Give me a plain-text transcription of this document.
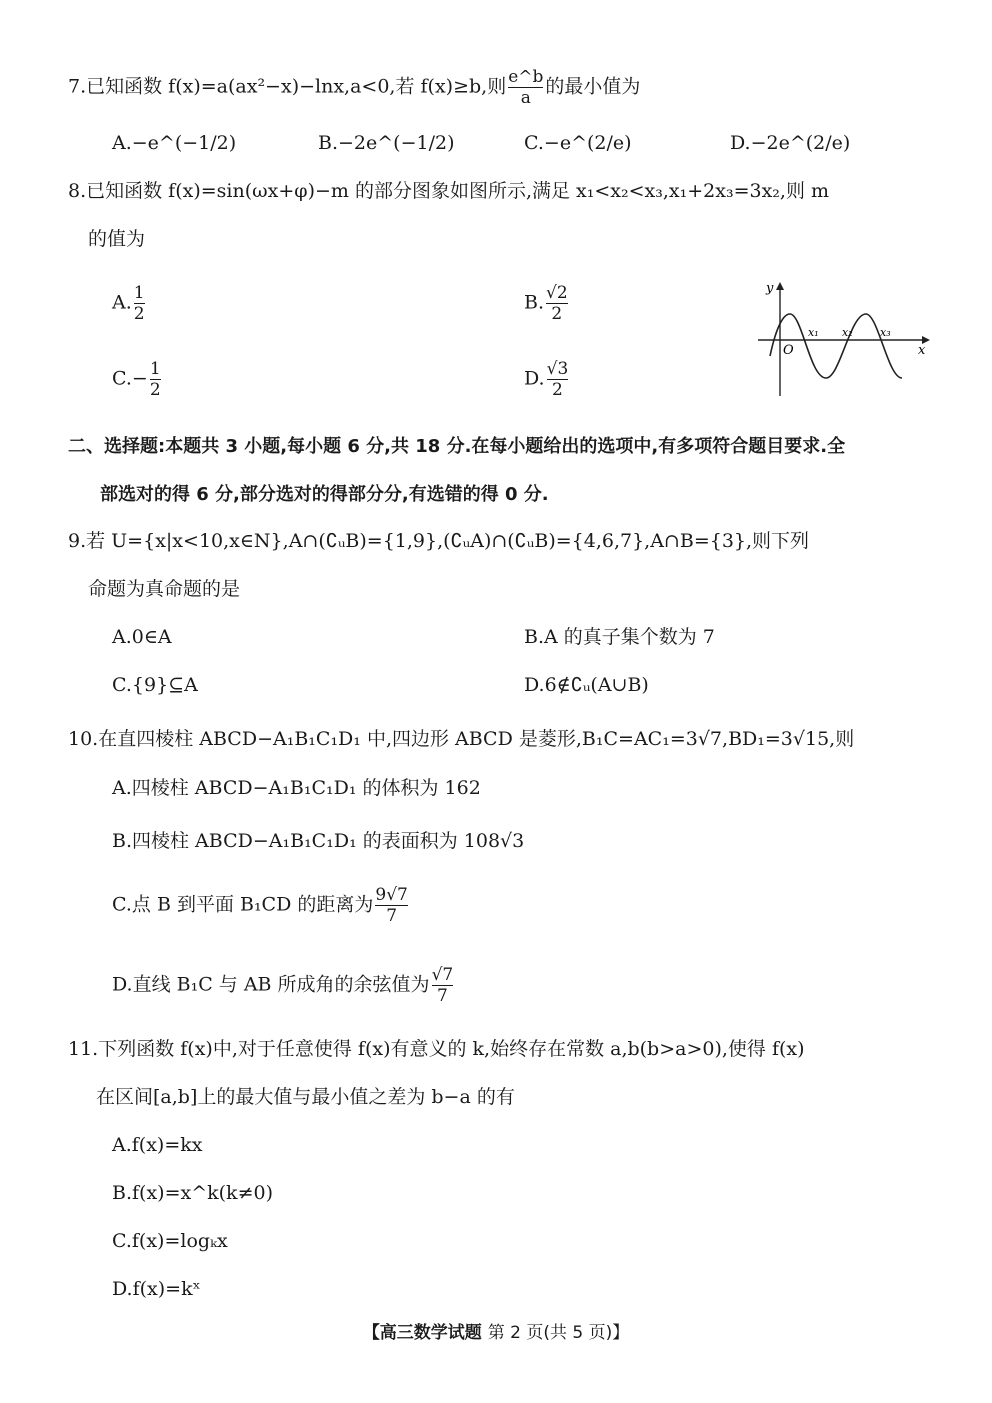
7.已知函数 f(x)=a(ax²−x)−lnx,a<0,若 f(x)≥b,则 $\frac{e\^{}b}{a}$ 的最小值为
A.−e^(−1/2)	B.−2e^(−1/2)	C.−e^(2/e)	D.−2e^(2/e)
8.已知函数 f(x)=sin(ωx+φ)−m 的部分图象如图所示,满足 x₁<x₂<x₃,x₁+2x₃=3x₂,则 m
的值为
A. $\frac{1}{2}$	B. $\frac{√2}{2}$
$C.- \frac{1}{2}$	D. $\frac{√3}{2}$
y
x
O
x₁ x₂ x₃
二、选择题:本题共 3 小题,每小题 6 分,共 18 分.在每小题给出的选项中,有多项符合题目要求.全
部选对的得 6 分,部分选对的得部分分,有选错的得 0 分.
9.若 U={x|x<10,x∈N},A∩(∁ᵤB)={1,9},(∁ᵤA)∩(∁ᵤB)={4,6,7},A∩B={3},则下列
命题为真命题的是
A.0∈A	B.A 的真子集个数为 7
C.{9}⊆A	D.6∉∁ᵤ(A∪B)
10.在直四棱柱 ABCD−A₁B₁C₁D₁ 中,四边形 ABCD 是菱形,B₁C=AC₁=3√7,BD₁=3√15,则
A.四棱柱 ABCD−A₁B₁C₁D₁ 的体积为 162
B.四棱柱 ABCD−A₁B₁C₁D₁ 的表面积为 108√3
C.点 B 到平面 B₁CD 的距离为 $\frac{9√7}{7}$
D.直线 B₁C 与 AB 所成角的余弦值为 $\frac{√7}{7}$
11.下列函数 f(x)中,对于任意使得 f(x)有意义的 k,始终存在常数 a,b(b>a>0),使得 f(x)
在区间[a,b]上的最大值与最小值之差为 b−a 的有
A.f(x)=kx
B.f(x)=x^k(k≠0)
C.f(x)=logₖx
D.f(x)=kˣ
【高三数学试题 第 2 页(共 5 页)】
